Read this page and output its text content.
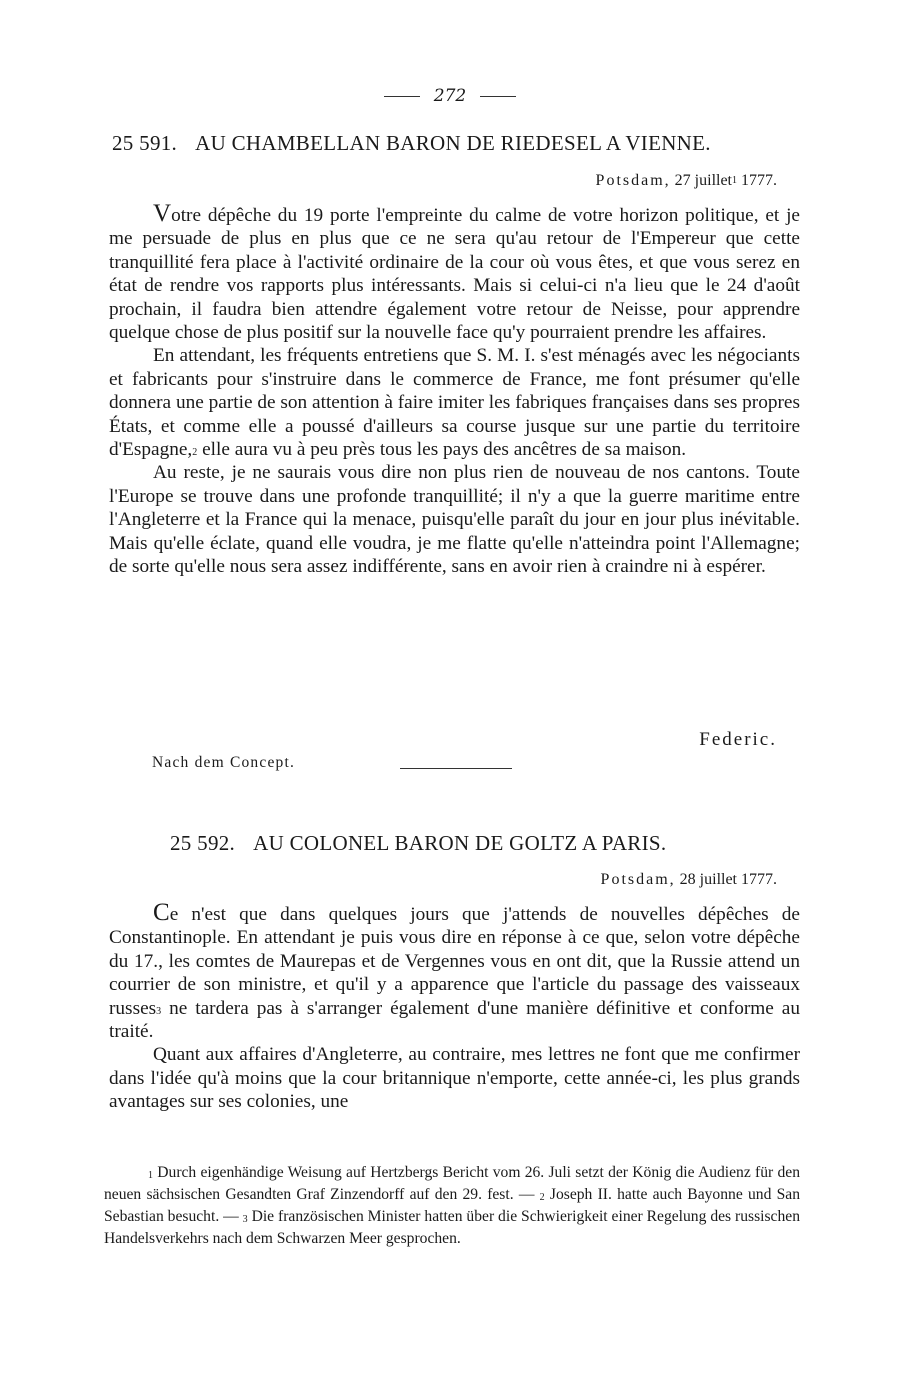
272
25 591. AU CHAMBELLAN BARON DE RIEDESEL A VIENNE.
Potsdam, 27 juillet$^1$ 1777.

Votre dépêche du 19 porte l'empreinte du calme de votre horizon politique, et je me persuade de plus en plus que ce ne sera qu'au retour de l'Empereur que cette tranquillité fera place à l'activité ordinaire de la cour où vous êtes, et que vous serez en état de rendre vos rapports plus intéressants. Mais si celui-ci n'a lieu que le 24 d'août prochain, il faudra bien attendre également votre retour de Neisse, pour apprendre quelque chose de plus positif sur la nouvelle face qu'y pourraient prendre les affaires.

En attendant, les fréquents entretiens que S. M. I. s'est ménagés avec les négociants et fabricants pour s'instruire dans le commerce de France, me font présumer qu'elle donnera une partie de son attention à faire imiter les fabriques françaises dans ses propres États, et comme elle a poussé d'ailleurs sa course jusque sur une partie du territoire d'Espagne,$^2$ elle aura vu à peu près tous les pays des ancêtres de sa maison.

Au reste, je ne saurais vous dire non plus rien de nouveau de nos cantons. Toute l'Europe se trouve dans une profonde tranquillité; il n'y a que la guerre maritime entre l'Angleterre et la France qui la menace, puisqu'elle paraît du jour en jour plus inévitable. Mais qu'elle éclate, quand elle voudra, je me flatte qu'elle n'atteindra point l'Allemagne; de sorte qu'elle nous sera assez indifférente, sans en avoir rien à craindre ni à espérer.

Federic.
Nach dem Concept.
25 592. AU COLONEL BARON DE GOLTZ A PARIS.
Potsdam, 28 juillet 1777.

Ce n'est que dans quelques jours que j'attends de nouvelles dépêches de Constantinople. En attendant je puis vous dire en réponse à ce que, selon votre dépêche du 17., les comtes de Maurepas et de Vergennes vous en ont dit, que la Russie attend un courrier de son ministre, et qu'il y a apparence que l'article du passage des vaisseaux russes$^3$ ne tardera pas à s'arranger également d'une manière définitive et conforme au traité.

Quant aux affaires d'Angleterre, au contraire, mes lettres ne font que me confirmer dans l'idée qu'à moins que la cour britannique n'emporte, cette année-ci, les plus grands avantages sur ses colonies, une

$^1$ Durch eigenhändige Weisung auf Hertzbergs Bericht vom 26. Juli setzt der König die Audienz für den neuen sächsischen Gesandten Graf Zinzendorff auf den 29. fest. — $^2$ Joseph II. hatte auch Bayonne und San Sebastian besucht. — $^3$ Die französischen Minister hatten über die Schwierigkeit einer Regelung des russischen Handelsverkehrs nach dem Schwarzen Meer gesprochen.
